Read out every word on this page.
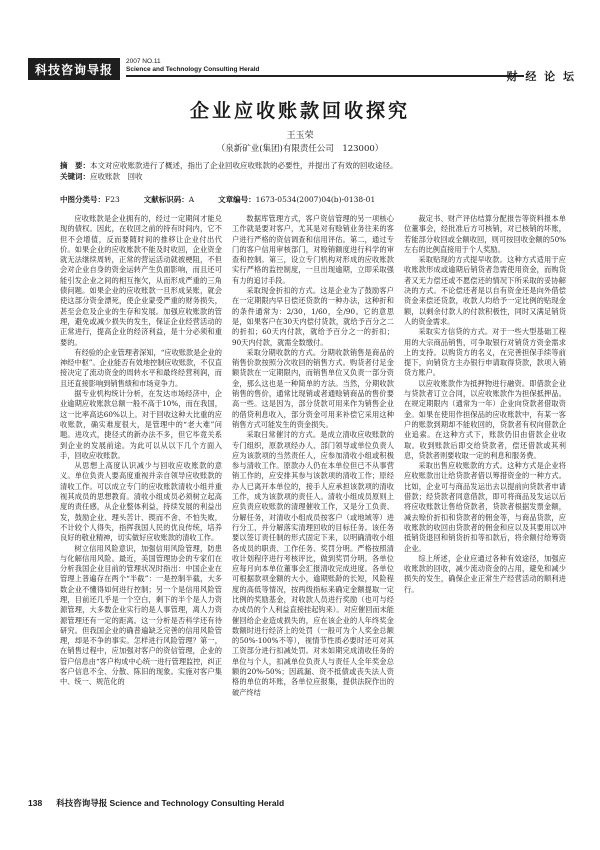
科技咨询导报
2007 NO.11
Science and Technology Consulting Herald
财 经 论 坛
企业应收账款回收探究
王玉荣
（泉新矿业(集团)有限责任公司　123000）
摘　要：本文对应收账款进行了概述，指出了企业回收应收账款的必要性，并提出了有效的回收途径。
关键词：应收账款　回收
中图分类号：F23	文献标识码：A	文章编号：1673-0534(2007)04(b)-0138-01

应收账款是企业拥有的，经过一定期间才能兑现的债权。因此，在收回之前的持有时间内，它不但不会增值，反而要随时间的推移让企业付出代价。如果企业的应收账款不能及时收回，企业资金就无法继续周转，正常的营运活动就被梗阻，不但会对企业自身的资金运转产生负面影响，而且还可能引发企业之间的相互拖欠，从而形成严重的三角债问题。如果企业的应收账款一旦形成呆账，就会使这部分资金漂死，使企业蒙受严重的财务损失，甚至会危及企业的生存和发展。加强应收账款的管理，避免或减少损失的发生，保证企业经营活动的正常进行，提高企业的经济利益，是十分必须和重要的。

有经验的企业管理者深知，“应收账款是企业的神经中枢”。企业能否有效地控制应收账款，不仅直接决定了流动资金的周转水平和最终经营利润，而且还直接影响到销售绩和市场竞争力。

据专业机构统计分析，在发达市场经济中，企业逾期应收账款总额一般不高于10%，而在我国，这一比率高达60%以上。对于回收这种大比重的应收账款，确实难度很大，是管理中的“老大难”问题。进攻式，捷径式的新办法不多，但它毕竟关系到企业的发展前途。为此可以从以下几个方面入手，回收应收账款。

从思想上高度认识减少与回收应收账款的意义。单位负责人要高度重视并亲自领导应收账款的清收工作。可以成立专门的应收账款清收小组并重视其成员的思想教育。清收小组成员必须树立起高度的责任感，从企业整体利益，持续发展的利益出发，鼓励企业、理头苦计、锲而不舍、不怕失败，不计较个人得失，指挥我国人民的优良传统，培养良好的敬业精神，切实做好应收账款的清收工作。

树立信用风险意识，加强信用风险管理，防患与化解信用风险。最近，美国管理协会的专家们在分析我国企业目前的管理状况时指出：中国企业在管理上普遍存在两个“半截”：一是控制半截，大多数企业不懂得如何进行控制；另一个是信用风险管理，目前还几乎是一个空白，剩下的半个是人力资源管理，大多数企业实行的是人事管理，离人力资源管理还有一定的距离。这一分析是否科学还有待研究。但我国企业的确普遍缺乏完善的信用风险管理，却是不争的事实。怎样进行风险管理？第一，在销售过程中，应加强对客户的资信管理，企业的管户信息由“客户构成中心统一进行管理监控，纠正客户信息不全、分散、陈旧的现象。实施对客户集中、统一、规范化的

数据库管理方式，客户资信管理的另一项核心工作就是要对客户，尤其是对有赊销业务往来的客户进行严格的资信调查和信用评估。第二，通过专门的客户信用审核部门，对赊销额度进行科学的审查和控制。第三，设立专门机构对形成的应收账款实行严格的监控制度，一旦出现逾期，立即采取强有力的追讨手段。

采取现金折扣的方式。这是企业为了鼓励客户在一定期限内早日偿还货款的一种办法，这种折和的条件通常为：2/30，1/60，全/90。它的意思是，如果客户在30天内偿付货款，就给予百分之二的折扣；60天内付款，就给予百分之一的折扣；90天内付款，就需全数缴付。

采取分期收款的方式。分期收款销售是商品的销售价款按照分次收回的销售方式。购货者付足金额货款在一定期限内，而销售单位又负责一部分资金，那么这也是一种简单的方法。当然，分期收款销售的售价，通常比现销或者通赊销商品的售价要高一些。这是因为，部分货款可用来作为销售企业的借贷利息收入，部分资金可用来补偿它采用这种销售方式可能发生的资金损失。

采取日常催讨的方式。是成立清收应收账款的专门组织，原款项经办人、部门领导或单位负责人应为该款项的当然责任人，应参加清收小组或积极参与清收工作。原款办人仍在本单位但已不从事营销工作的，应安排其参与该款项的清收工作；原经办人已离开本单位的，接手人应承担该款项的清收工作，成为该款项的责任人。清收小组成员原则上应负责应收账款的清理催收工作，又是分工负责、分解任务，对清收小组成员按客户（或地域等）进行分工，并分解落实清理回收的目标任务。该任务要以签订责任制的形式固定下来，以明确清收小组各成员的职责、工作任务、奖罚分明。严格按照清收计划程序进行考核评比，做到奖罚分明。各单位应每月向本单位董事会汇报清收完成进度。各单位可根据款项金额的大小，逾期账龄的长短，风险程度的高低等情况，按两级指标来确定金额提取一定比例的奖励基金，对收款人员进行奖励（也可与经办成员的个人利益直接挂起钩来）。对应催回而未能催回给企业造成损失的，应在该企业的人年终奖金数额时进行经济上的处罚（一般可为个人奖金总额的50%-100%不等），视情节性质必要时还可对其工资部分进行扣减处罚。对未如期完成清收任务的单位与个人，扣减单位负责人与责任人全年奖金总额的20%-50%；因疏漏、资不抵债或丧失法人资格的单位的坏账，各单位应报集，提供法院作出的破产终结

裁定书、财产评估结算分配报告等资料报本单位董事会，经批准后方可核销，对已核销的坏账，若能部分收回或全额收回，则可按回收金额的50%左右的比例直接用于个人奖励。

采取贴现的方式提早收款。这种方式适用于应收账款形成或逾期后销货者急需使用资金，而购货者又无力偿还或不愿偿还的情况下所采取的妥协解决的方式。不论偿还者是以自有资金还是向外借偿资金来偿还货款，收款人均给予一定比例的贴现金额，以剩余付款人的付款积极性，同时又满足销货人的资金需求。

采取实方信贷的方式。对于一些大型基础工程用的大宗商品销售，可争取银行对销货方资金需求上的支持。以购货方的名义，在完善担保手续等前提下，向销货方主办银行申请取得贷款，款项入销货方账户。

以应收账款作为抵押物进行融资。即借款企业与贷款者订立合同，以应收账款作为担保抵押品。在规定期限内（通常为一年）企业向贷款者借取资金。如果在使用作担保品的应收账款中，有某一客户的账款到期却不能收回的，贷款者有权向借款企业追索。在这种方式下，账款仍旧由借款企业收取。收到账款后即交给贷款者，偿还借款或其利息，贷款者则要收取一定的利息和服务费。

采取出售应收账款的方式。这种方式是企业将应收账款出让给贷款者借以筹措资金的一种方式。比如，企业可与商品发运出去以提前向贷款者申请借款；经贷款者同意借款，即可将商品及发运以后将应收账款让售给贷款者，贷款者根据发票金额，减去赊价折扣和贷款者的佣金等，与商品货款，应收账款的收回由贷款者的佣金和应以及其要用以冲抵销货退回和销货折扣等扣款后，将余额付给筹资企业。

综上所述，企业应通过各种有效途径，加强应收账款的回收，减少流动资金的占用，避免和减少损失的发生，确保企业正常生产经营活动的顺利进行。

138 科技咨询导报 Science and Technology Consulting Herald
